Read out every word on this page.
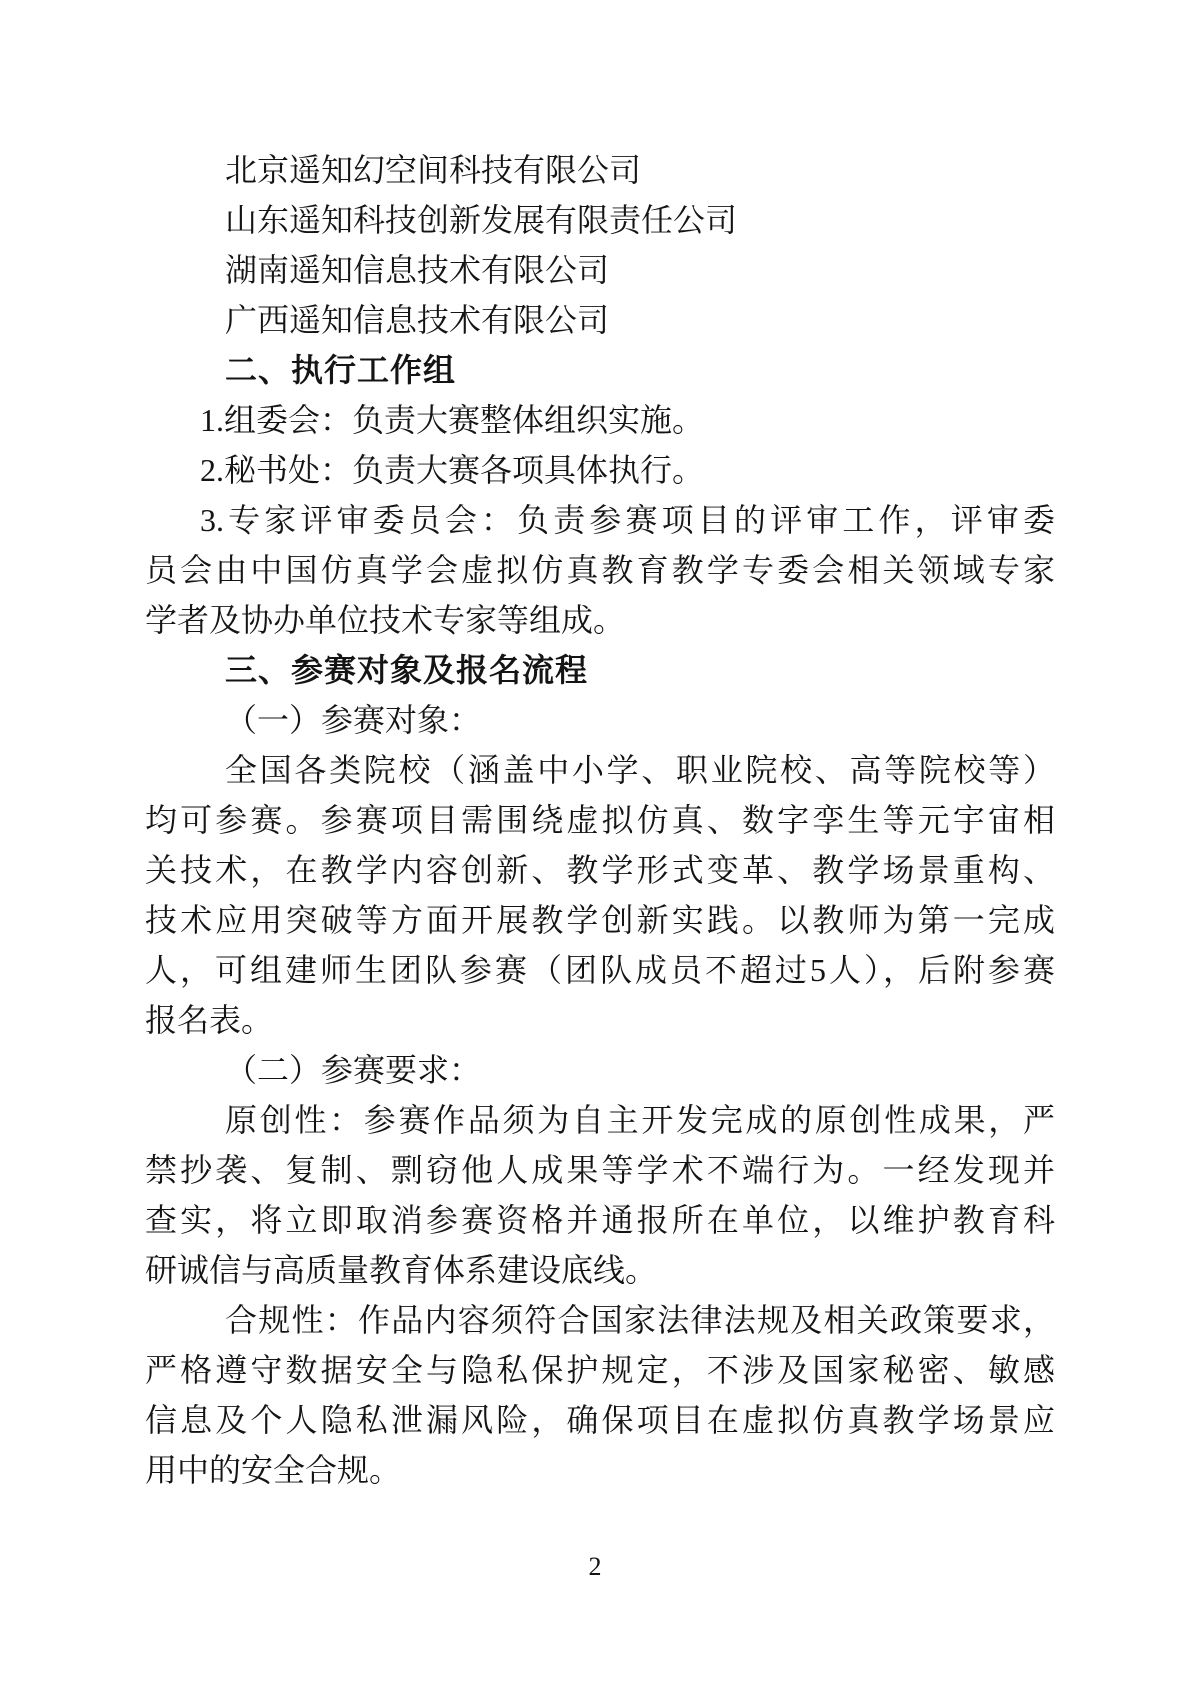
北京遥知幻空间科技有限公司
山东遥知科技创新发展有限责任公司
湖南遥知信息技术有限公司
广西遥知信息技术有限公司
二、执行工作组
1.组委会：负责大赛整体组织实施。
2.秘书处：负责大赛各项具体执行。
3.专家评审委员会：负责参赛项目的评审工作，评审委
员会由中国仿真学会虚拟仿真教育教学专委会相关领域专家
学者及协办单位技术专家等组成。
三、参赛对象及报名流程
（一）参赛对象：
全国各类院校（涵盖中小学、职业院校、高等院校等）
均可参赛。参赛项目需围绕虚拟仿真、数字孪生等元宇宙相
关技术，在教学内容创新、教学形式变革、教学场景重构、
技术应用突破等方面开展教学创新实践。以教师为第一完成
人，可组建师生团队参赛（团队成员不超过5人），后附参赛
报名表。
（二）参赛要求：
原创性：参赛作品须为自主开发完成的原创性成果，严
禁抄袭、复制、剽窃他人成果等学术不端行为。一经发现并
查实，将立即取消参赛资格并通报所在单位，以维护教育科
研诚信与高质量教育体系建设底线。
合规性：作品内容须符合国家法律法规及相关政策要求，
严格遵守数据安全与隐私保护规定，不涉及国家秘密、敏感
信息及个人隐私泄漏风险，确保项目在虚拟仿真教学场景应
用中的安全合规。
2
